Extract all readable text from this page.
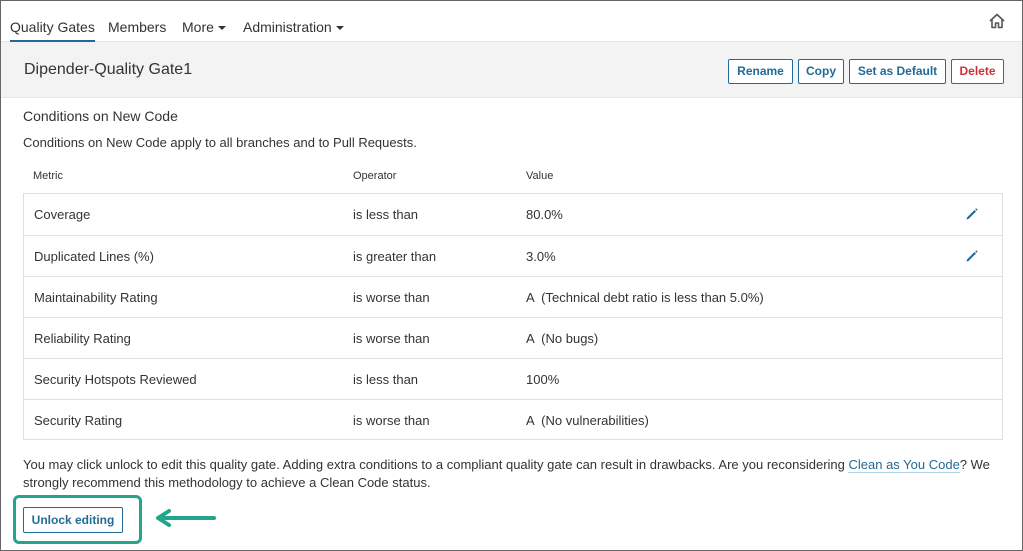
Quality Gates Members More	Administration
Dipender-Quality Gate1	Rename	Copy	Set as Default	Delete
Conditions on New Code
Conditions on New Code apply to all branches and to Pull Requests.
Metric	Operator	Value
Coverage	is less than	80.0%
Duplicated Lines (%)	is greater than	3.0%
Maintainability Rating	is worse than	A  (Technical debt ratio is less than 5.0%)
Reliability Rating	is worse than	A  (No bugs)
Security Hotspots Reviewed	is less than	100%
Security Rating	is worse than	A  (No vulnerabilities)
You may click unlock to edit this quality gate. Adding extra conditions to a compliant quality gate can result in drawbacks. Are you reconsidering Clean as You Code? We strongly recommend this methodology to achieve a Clean Code status.
Unlock editing
